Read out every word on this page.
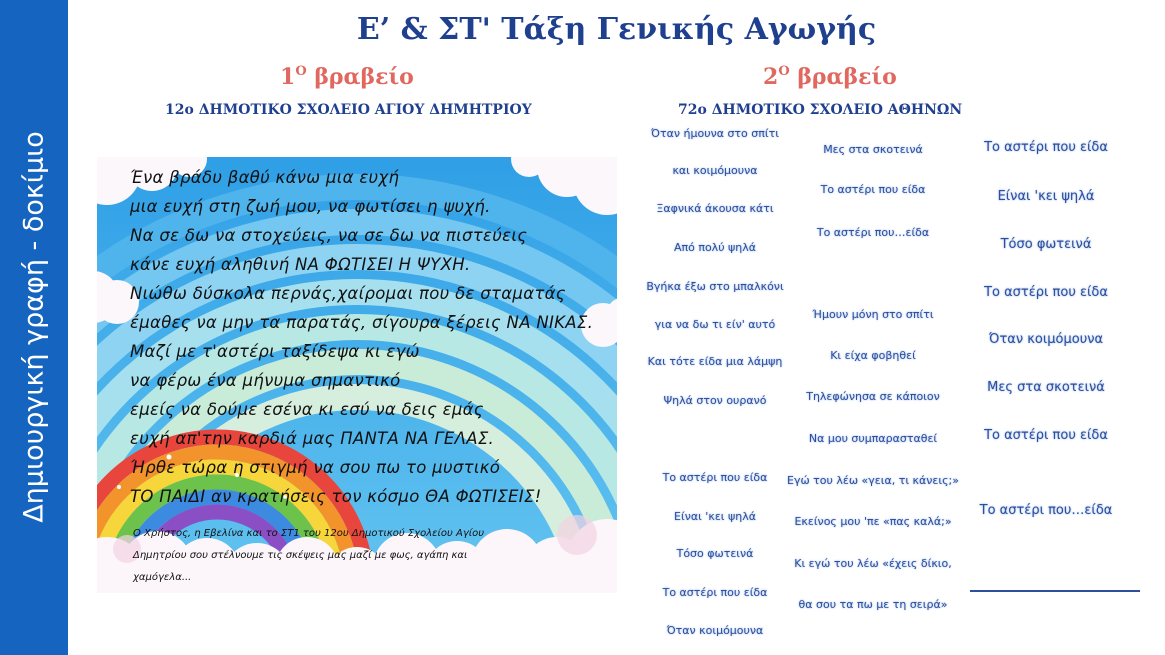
Δημιουργική γραφή - δοκίμιο
Ε’ & ΣΤ' Τάξη Γενικής Αγωγής
$1^O$ βραβείο
12ο ΔΗΜΟΤΙΚΟ ΣΧΟΛΕΙΟ ΑΓΙΟΥ ΔΗΜΗΤΡΙΟΥ
$2^O$ βραβείο
72ο ΔΗΜΟΤΙΚΟ ΣΧΟΛΕΙΟ ΑΘΗΝΩΝ
Ένα βράδυ βαθύ κάνω μια ευχή
μια ευχή στη ζωή μου, να φωτίσει η ψυχή.
Να σε δω να στοχεύεις, να σε δω να πιστεύεις
κάνε ευχή αληθινή ΝΑ ΦΩΤΙΣΕΙ Η ΨΥΧΗ.
Νιώθω δύσκολα περνάς,χαίρομαι που δε σταματάς
έμαθες να μην τα παρατάς, σίγουρα ξέρεις ΝΑ ΝΙΚΑΣ.
Μαζί με τ'αστέρι ταξίδεψα κι εγώ
να φέρω ένα μήνυμα σημαντικό
εμείς να δούμε εσένα κι εσύ να δεις εμάς
ευχή απ'την καρδιά μας ΠΑΝΤΑ ΝΑ ΓΕΛΑΣ.
Ήρθε τώρα η στιγμή να σου πω το μυστικό
ΤΟ ΠΑΙΔΙ αν κρατήσεις τον κόσμο ΘΑ ΦΩΤΙΣΕΙΣ!
Ο Χρήστος, η Εβελίνα και το ΣΤ1 του 12ου Δημοτικού Σχολείου Αγίου
Δημητρίου σου στέλνουμε τις σκέψεις μας μαζί με φως, αγάπη και
χαμόγελα...
Όταν ήμουνα στο σπίτι
και κοιμόμουνα
Ξαφνικά άκουσα κάτι
Από πολύ ψηλά
Βγήκα έξω στο μπαλκόνι
για να δω τι είν' αυτό
Και τότε είδα μια λάμψη
Ψηλά στον ουρανό
Το αστέρι που είδα
Είναι 'κει ψηλά
Τόσο φωτεινά
Το αστέρι που είδα
Όταν κοιμόμουνα
Μες στα σκοτεινά
Το αστέρι που είδα
Το αστέρι που…είδα
Ήμουν μόνη στο σπίτι
Κι είχα φοβηθεί
Τηλεφώνησα σε κάποιον
Να μου συμπαρασταθεί
Εγώ του λέω «γεια, τι κάνεις;»
Εκείνος μου 'πε «πας καλά;»
Κι εγώ του λέω «έχεις δίκιο,
θα σου τα πω με τη σειρά»
Το αστέρι που είδα
Είναι 'κει ψηλά
Τόσο φωτεινά
Το αστέρι που είδα
Όταν κοιμόμουνα
Μες στα σκοτεινά
Το αστέρι που είδα
Το αστέρι που…είδα
